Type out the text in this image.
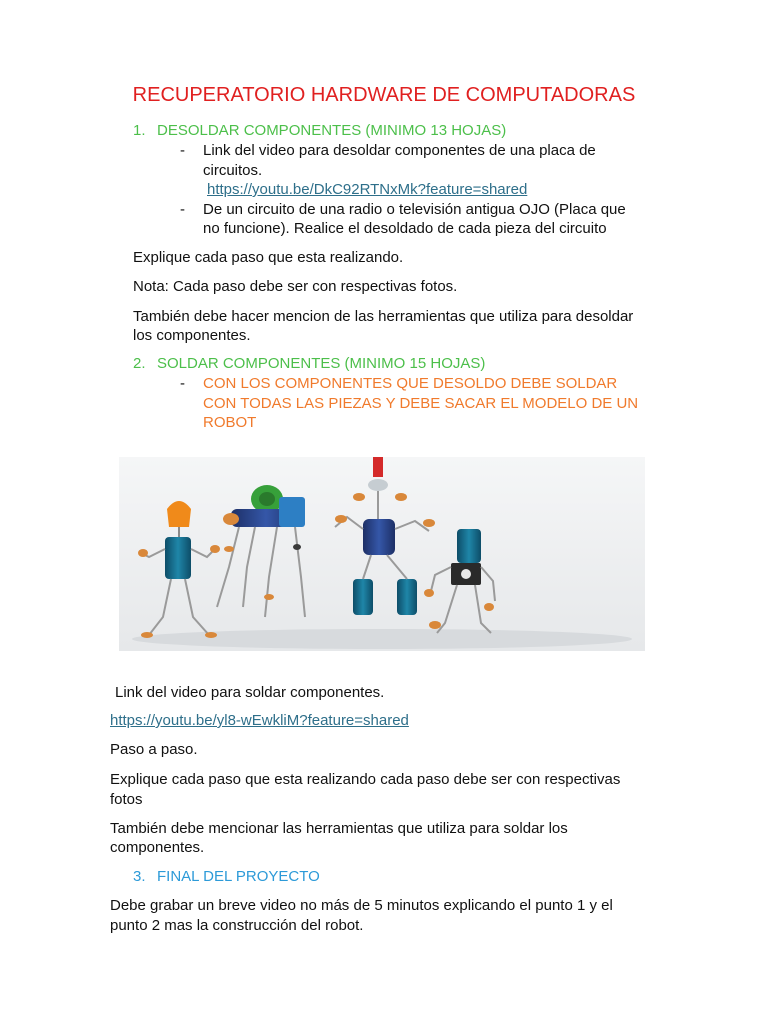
RECUPERATORIO HARDWARE DE COMPUTADORAS
1. DESOLDAR COMPONENTES (MINIMO 13 HOJAS)
-	Link del video para desoldar componentes de una placa de
circuitos.
https://youtu.be/DkC92RTNxMk?feature=shared
-	De un circuito de una radio o televisión antigua OJO (Placa que
no funcione). Realice el desoldado de cada pieza del circuito
Explique cada paso que esta realizando.
Nota: Cada paso debe ser con respectivas fotos.
También debe hacer mencion de las herramientas que utiliza para desoldar
los componentes.
2. SOLDAR COMPONENTES (MINIMO 15 HOJAS)
-	CON LOS COMPONENTES QUE DESOLDO DEBE SOLDAR
CON TODAS LAS PIEZAS Y DEBE SACAR EL MODELO DE UN
ROBOT
Link del video para soldar componentes.
https://youtu.be/yl8-wEwkliM?feature=shared
Paso a paso.
Explique cada paso que esta realizando cada paso debe ser con respectivas
fotos
También debe mencionar las herramientas que utiliza para soldar los
componentes.
3. FINAL DEL PROYECTO
Debe grabar un breve video no más de 5 minutos explicando el punto 1 y el
punto 2 mas la construcción del robot.
